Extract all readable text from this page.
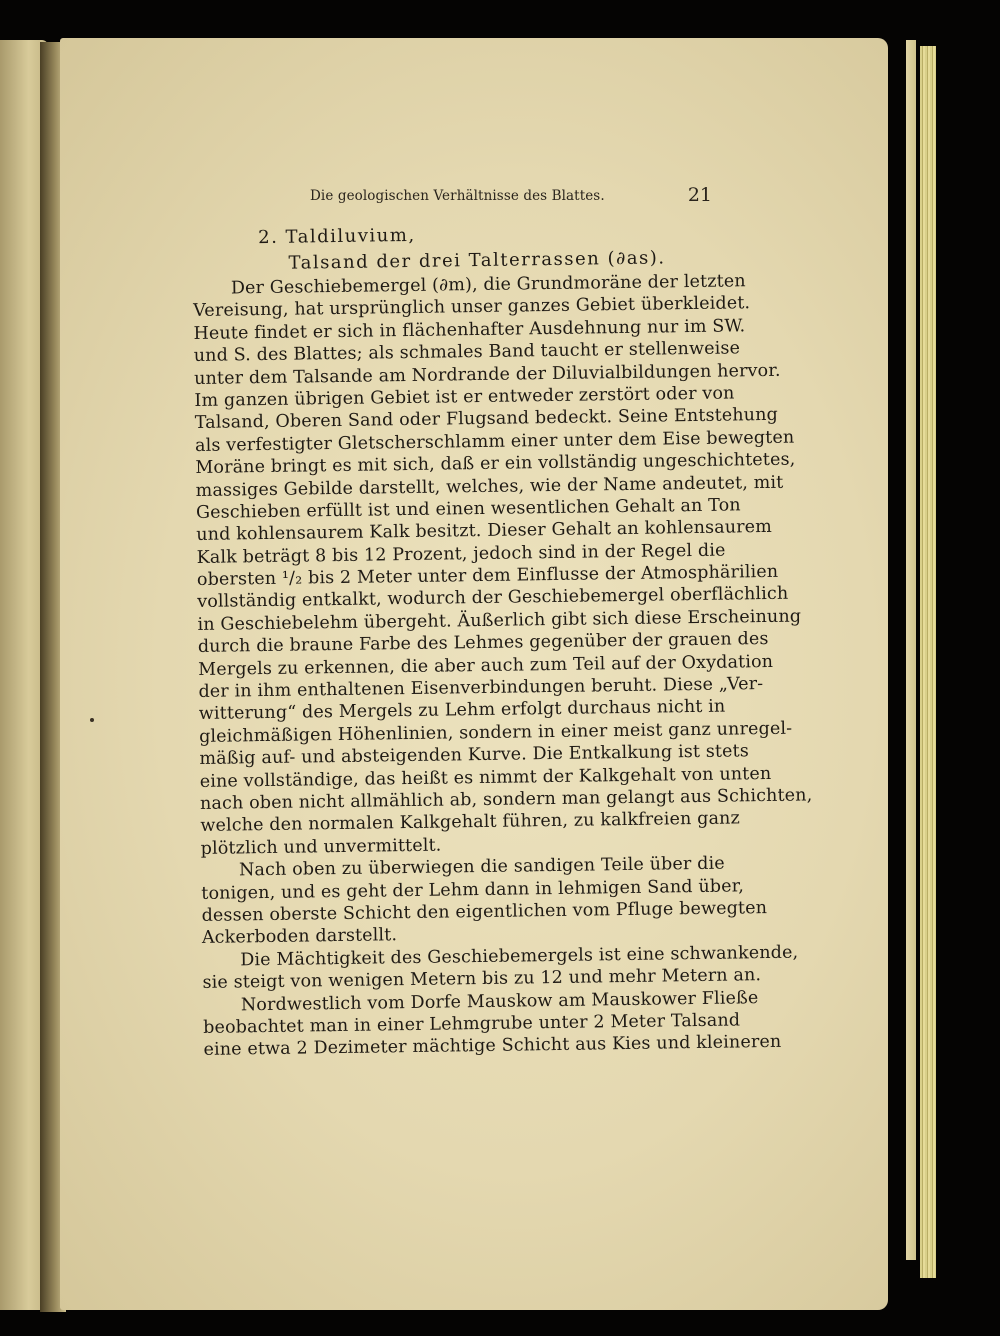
Die geologischen Verhältnisse des Blattes.	21
2. Taldiluvium,
Talsand der drei Talterrassen (∂as).
Der Geschiebemergel (∂m), die Grundmoräne der letzten
Vereisung, hat ursprünglich unser ganzes Gebiet überkleidet.
Heute findet er sich in flächenhafter Ausdehnung nur im SW.
und S. des Blattes; als schmales Band taucht er stellenweise
unter dem Talsande am Nordrande der Diluvialbildungen hervor.
Im ganzen übrigen Gebiet ist er entweder zerstört oder von
Talsand, Oberen Sand oder Flugsand bedeckt. Seine Entstehung
als verfestigter Gletscherschlamm einer unter dem Eise bewegten
Moräne bringt es mit sich, daß er ein vollständig ungeschichtetes,
massiges Gebilde darstellt, welches, wie der Name andeutet, mit
Geschieben erfüllt ist und einen wesentlichen Gehalt an Ton
und kohlensaurem Kalk besitzt. Dieser Gehalt an kohlensaurem
Kalk beträgt 8 bis 12 Prozent, jedoch sind in der Regel die
obersten ¹/₂ bis 2 Meter unter dem Einflusse der Atmosphärilien
vollständig entkalkt, wodurch der Geschiebemergel oberflächlich
in Geschiebelehm übergeht. Äußerlich gibt sich diese Erscheinung
durch die braune Farbe des Lehmes gegenüber der grauen des
Mergels zu erkennen, die aber auch zum Teil auf der Oxydation
der in ihm enthaltenen Eisenverbindungen beruht. Diese „Ver-
witterung“ des Mergels zu Lehm erfolgt durchaus nicht in
gleichmäßigen Höhenlinien, sondern in einer meist ganz unregel-
mäßig auf- und absteigenden Kurve. Die Entkalkung ist stets
eine vollständige, das heißt es nimmt der Kalkgehalt von unten
nach oben nicht allmählich ab, sondern man gelangt aus Schichten,
welche den normalen Kalkgehalt führen, zu kalkfreien ganz
plötzlich und unvermittelt.
Nach oben zu überwiegen die sandigen Teile über die
tonigen, und es geht der Lehm dann in lehmigen Sand über,
dessen oberste Schicht den eigentlichen vom Pfluge bewegten
Ackerboden darstellt.
Die Mächtigkeit des Geschiebemergels ist eine schwankende,
sie steigt von wenigen Metern bis zu 12 und mehr Metern an.
Nordwestlich vom Dorfe Mauskow am Mauskower Fließe
beobachtet man in einer Lehmgrube unter 2 Meter Talsand
eine etwa 2 Dezimeter mächtige Schicht aus Kies und kleineren
